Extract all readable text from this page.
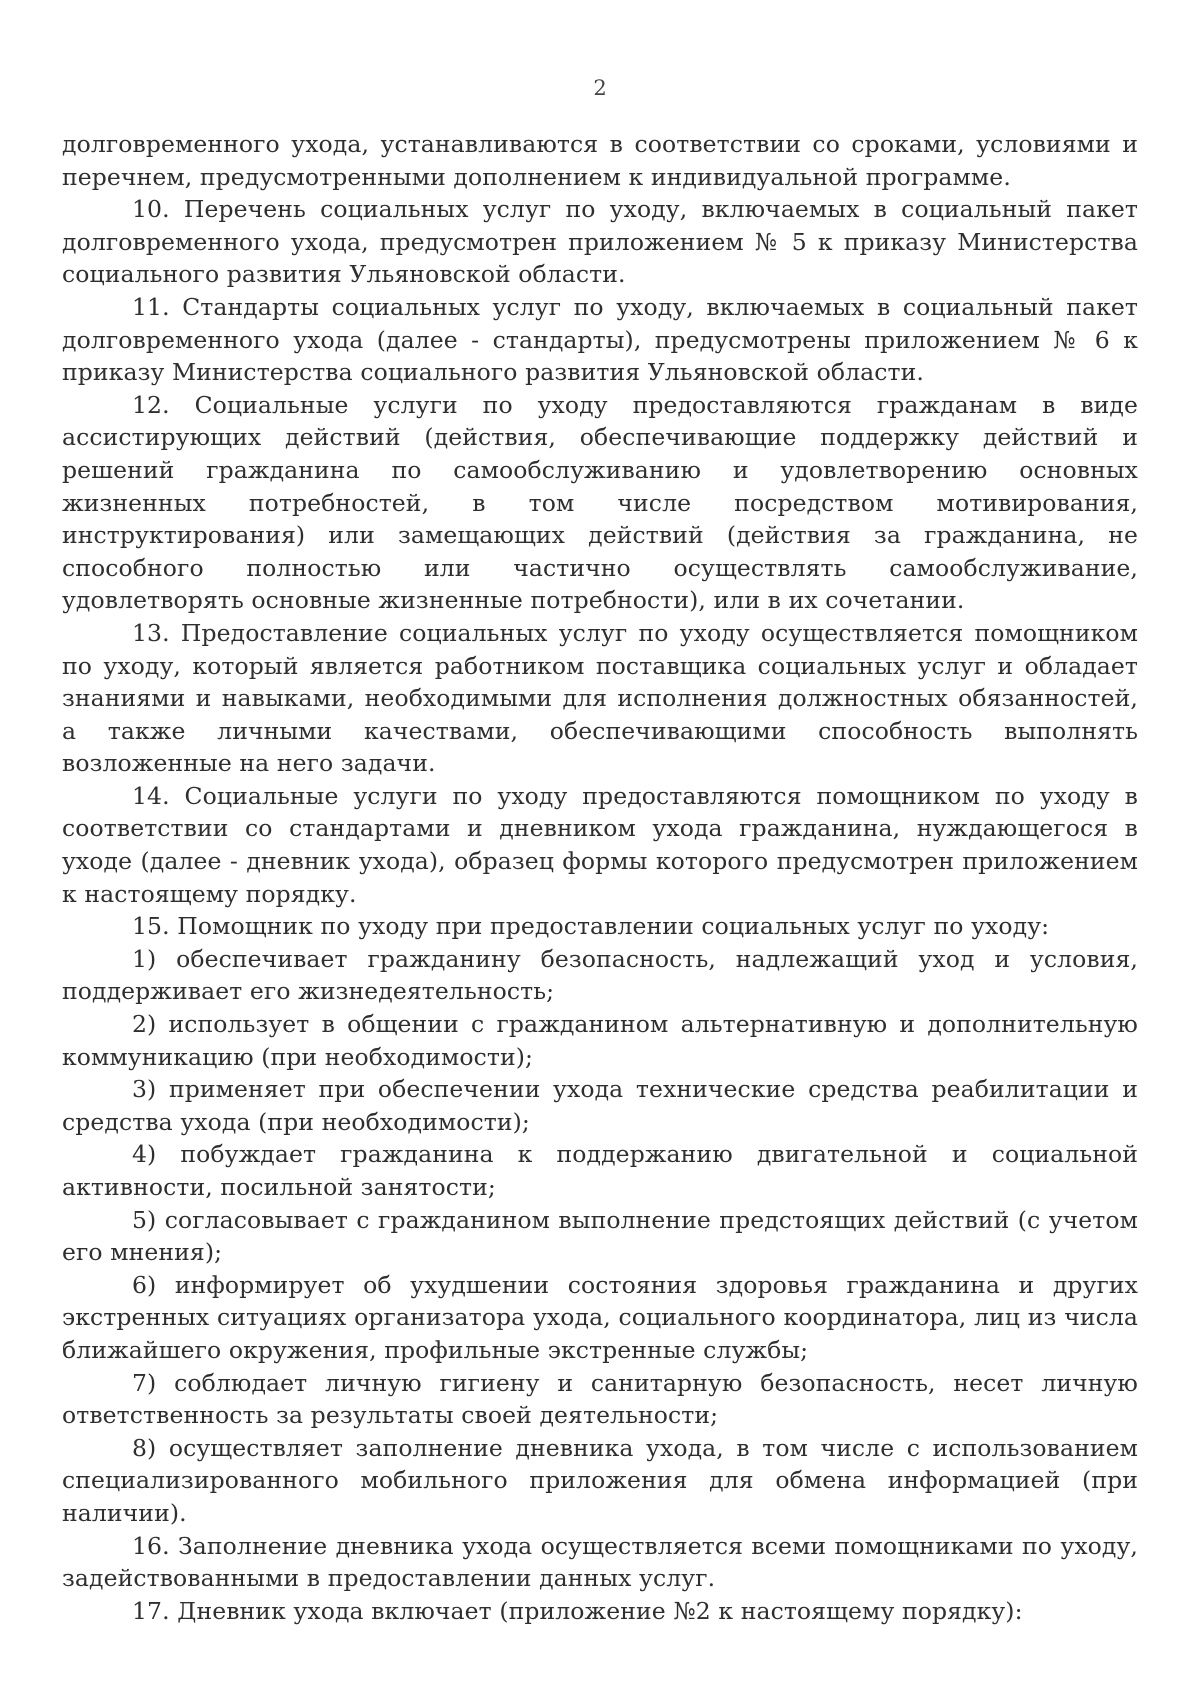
2

долговременного ухода, устанавливаются в соответствии со сроками, условиями и перечнем, предусмотренными дополнением к индивидуальной программе.

10. Перечень социальных услуг по уходу, включаемых в социальный пакет долговременного ухода, предусмотрен приложением № 5 к приказу Министерства социального развития Ульяновской области.

11. Стандарты социальных услуг по уходу, включаемых в социальный пакет долговременного ухода (далее - стандарты), предусмотрены приложением № 6 к приказу Министерства социального развития Ульяновской области.

12. Социальные услуги по уходу предоставляются гражданам в виде ассистирующих действий (действия, обеспечивающие поддержку действий и решений гражданина по самообслуживанию и удовлетворению основных жизненных потребностей, в том числе посредством мотивирования, инструктирования) или замещающих действий (действия за гражданина, не способного полностью или частично осуществлять самообслуживание, удовлетворять основные жизненные потребности), или в их сочетании.

13. Предоставление социальных услуг по уходу осуществляется помощником по уходу, который является работником поставщика социальных услуг и обладает знаниями и навыками, необходимыми для исполнения должностных обязанностей, а также личными качествами, обеспечивающими способность выполнять возложенные на него задачи.

14. Социальные услуги по уходу предоставляются помощником по уходу в соответствии со стандартами и дневником ухода гражданина, нуждающегося в уходе (далее - дневник ухода), образец формы которого предусмотрен приложением к настоящему порядку.

15. Помощник по уходу при предоставлении социальных услуг по уходу:

1) обеспечивает гражданину безопасность, надлежащий уход и условия, поддерживает его жизнедеятельность;

2) использует в общении с гражданином альтернативную и дополнительную коммуникацию (при необходимости);

3) применяет при обеспечении ухода технические средства реабилитации и средства ухода (при необходимости);

4) побуждает гражданина к поддержанию двигательной и социальной активности, посильной занятости;

5) согласовывает с гражданином выполнение предстоящих действий (с учетом его мнения);

6) информирует об ухудшении состояния здоровья гражданина и других экстренных ситуациях организатора ухода, социального координатора, лиц из числа ближайшего окружения, профильные экстренные службы;

7) соблюдает личную гигиену и санитарную безопасность, несет личную ответственность за результаты своей деятельности;

8) осуществляет заполнение дневника ухода, в том числе с использованием специализированного мобильного приложения для обмена информацией (при наличии).

16. Заполнение дневника ухода осуществляется всеми помощниками по уходу, задействованными в предоставлении данных услуг.

17. Дневник ухода включает (приложение №2 к настоящему порядку):
